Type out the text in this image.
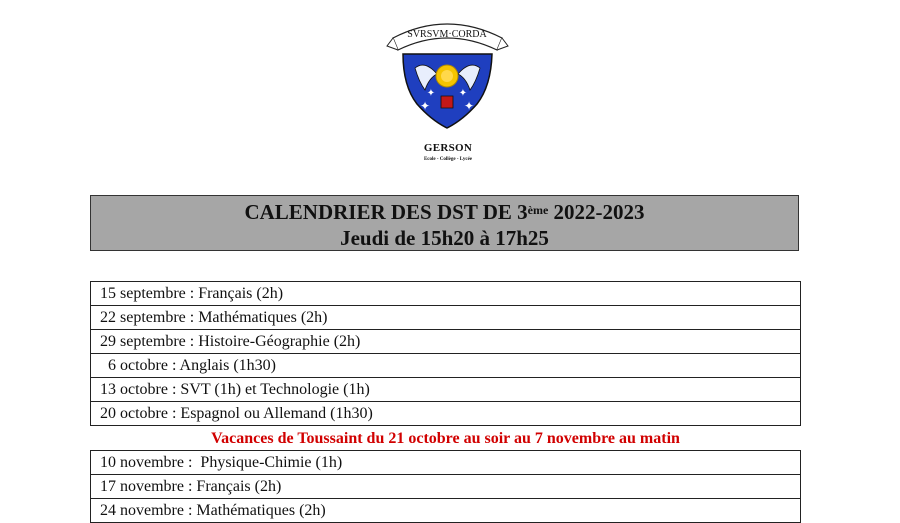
SVRSVM·CORDA
✦	✦
✦ ✦
GERSON
Ecole - Collège - Lycée
CALENDRIER DES DST DE 3ème 2022-2023
Jeudi de 15h20 à 17h25
15 septembre : Français (2h)
22 septembre : Mathématiques (2h)
29 septembre : Histoire-Géographie (2h)
6 octobre : Anglais (1h30)
13 octobre : SVT (1h) et Technologie (1h)
20 octobre : Espagnol ou Allemand (1h30)
Vacances de Toussaint du 21 octobre au soir au 7 novembre au matin
10 novembre :  Physique-Chimie (1h)
17 novembre : Français (2h)
24 novembre : Mathématiques (2h)
